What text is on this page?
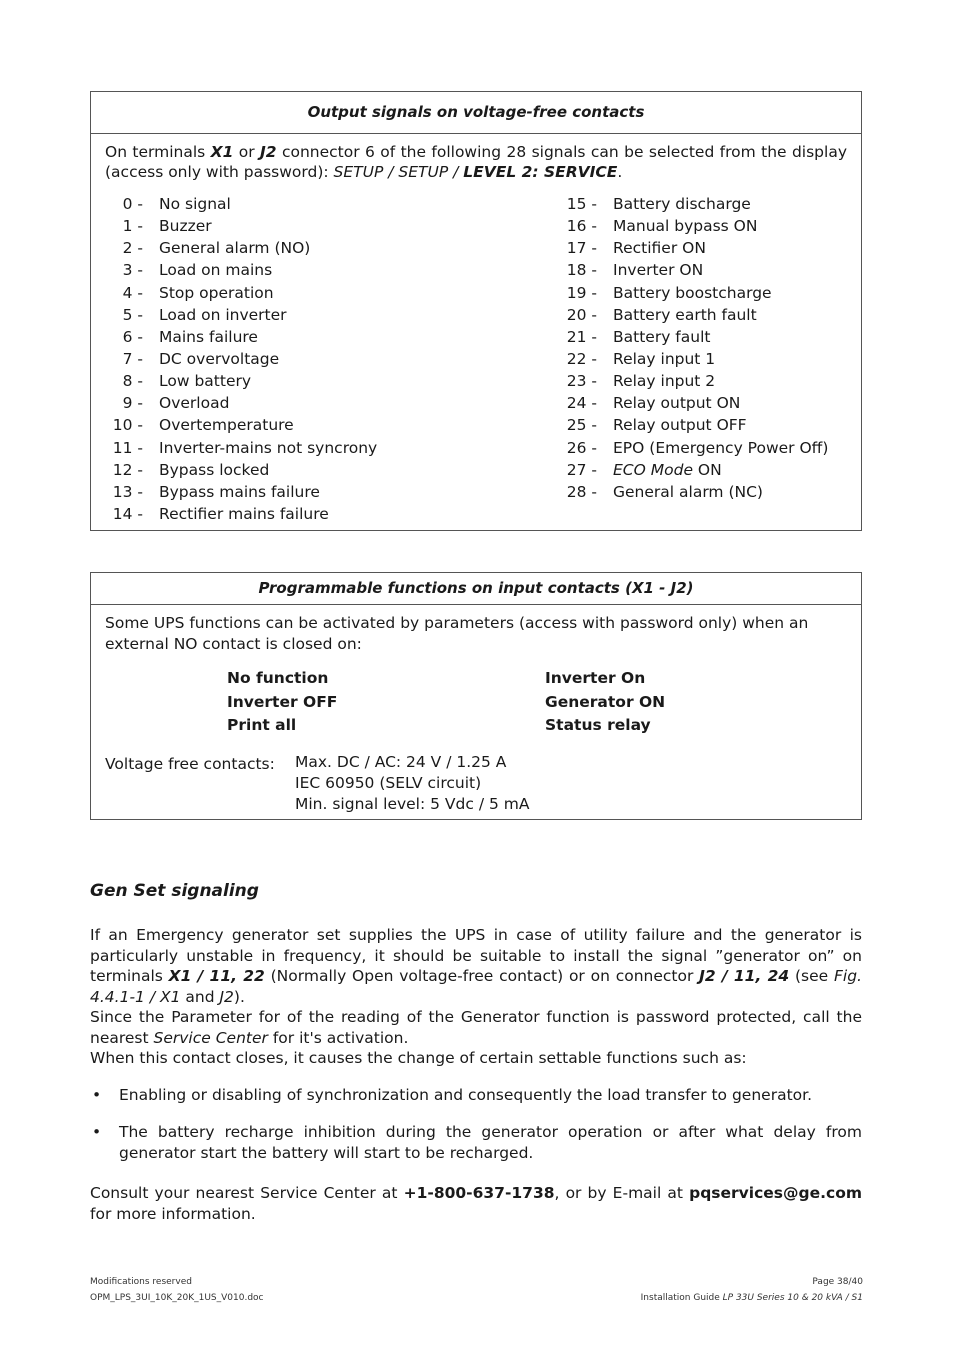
Output signals on voltage-free contacts
On terminals X1 or J2 connector 6 of the following 28 signals can be selected from the display (access only with password): SETUP / SETUP / LEVEL 2: SERVICE.
0 - No signal
1 - Buzzer
2 - General alarm (NO)
3 - Load on mains
4 - Stop operation
5 - Load on inverter
6 - Mains failure
7 - DC overvoltage
8 - Low battery
9 - Overload
10 - Overtemperature
11 - Inverter-mains not syncrony
12 - Bypass locked
13 - Bypass mains failure
14 - Rectifier mains failure
15 - Battery discharge
16 - Manual bypass ON
17 - Rectifier ON
18 - Inverter ON
19 - Battery boostcharge
20 - Battery earth fault
21 - Battery fault
22 - Relay input 1
23 - Relay input 2
24 - Relay output ON
25 - Relay output OFF
26 - EPO (Emergency Power Off)
27 - ECO Mode ON
28 - General alarm (NC)
Programmable functions on input contacts (X1 - J2)
Some UPS functions can be activated by parameters (access with password only) when an external NO contact is closed on:
No function
Inverter OFF
Print all
Inverter On
Generator ON
Status relay
Voltage free contacts: Max. DC / AC: 24 V / 1.25 A
IEC 60950 (SELV circuit)
Min. signal level: 5 Vdc / 5 mA
Gen Set signaling

If an Emergency generator set supplies the UPS in case of utility failure and the generator is particularly unstable in frequency, it should be suitable to install the signal ”generator on” on terminals X1 / 11, 22 (Normally Open voltage-free contact) or on connector J2 / 11, 24 (see Fig. 4.4.1-1 / X1 and J2).
Since the Parameter for of the reading of the Generator function is password protected, call the nearest Service Center for it's activation.

When this contact closes, it causes the change of certain settable functions such as:

• Enabling or disabling of synchronization and consequently the load transfer to generator.
• The battery recharge inhibition during the generator operation or after what delay from generator start the battery will start to be recharged.

Consult your nearest Service Center at +1-800-637-1738, or by E-mail at pqservices@ge.com for more information.

Modifications reserved
OPM_LPS_3UI_10K_20K_1US_V010.doc
Page 38/40
Installation Guide LP 33U Series 10 & 20 kVA / S1
